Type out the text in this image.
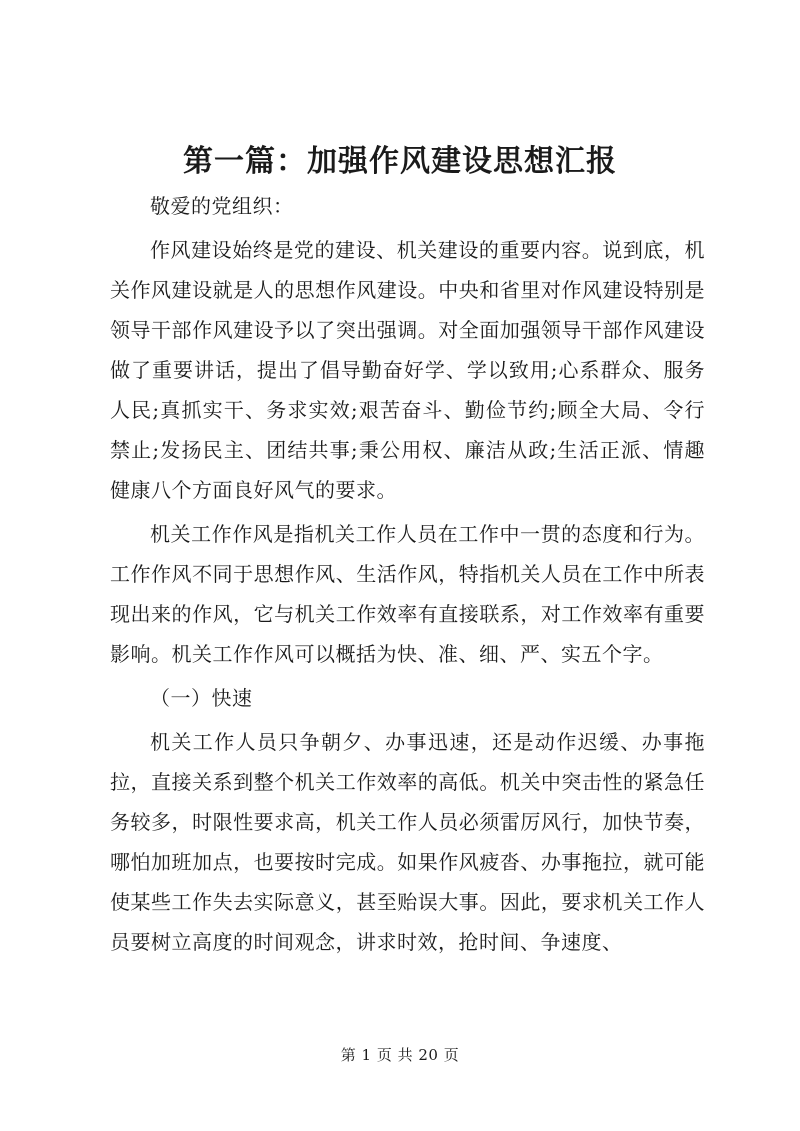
第一篇：加强作风建设思想汇报

敬爱的党组织：

作风建设始终是党的建设、机关建设的重要内容。说到底，机关作风建设就是人的思想作风建设。中央和省里对作风建设特别是领导干部作风建设予以了突出强调。对全面加强领导干部作风建设做了重要讲话，提出了倡导勤奋好学、学以致用;心系群众、服务人民;真抓实干、务求实效;艰苦奋斗、勤俭节约;顾全大局、令行禁止;发扬民主、团结共事;秉公用权、廉洁从政;生活正派、情趣健康八个方面良好风气的要求。

机关工作作风是指机关工作人员在工作中一贯的态度和行为。工作作风不同于思想作风、生活作风，特指机关人员在工作中所表现出来的作风，它与机关工作效率有直接联系，对工作效率有重要影响。机关工作作风可以概括为快、准、细、严、实五个字。

（一）快速

机关工作人员只争朝夕、办事迅速，还是动作迟缓、办事拖拉，直接关系到整个机关工作效率的高低。机关中突击性的紧急任务较多，时限性要求高，机关工作人员必须雷厉风行，加快节奏，哪怕加班加点，也要按时完成。如果作风疲沓、办事拖拉，就可能使某些工作失去实际意义，甚至贻误大事。因此，要求机关工作人员要树立高度的时间观念，讲求时效，抢时间、争速度、

第 1 页 共 20 页
